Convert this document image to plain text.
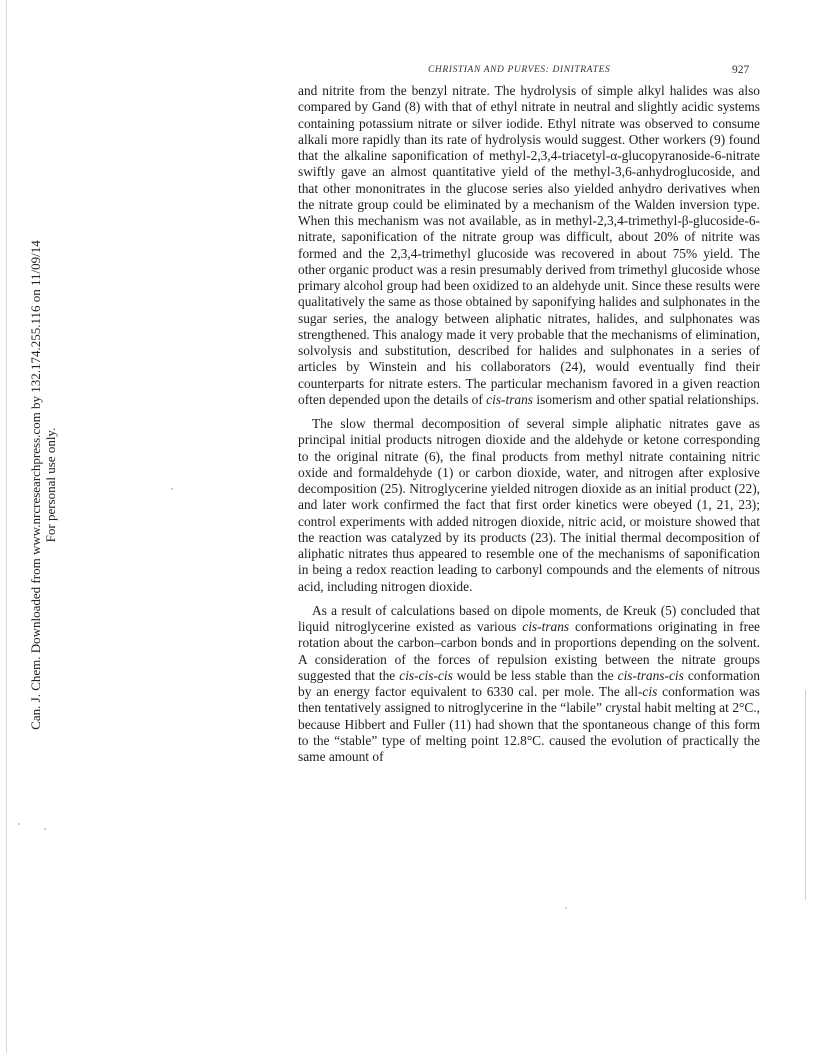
Can. J. Chem. Downloaded from www.nrcresearchpress.com by 132.174.255.116 on 11/09/14 For personal use only.
CHRISTIAN AND PURVES: DINITRATES	927

and nitrite from the benzyl nitrate. The hydrolysis of simple alkyl halides was also compared by Gand (8) with that of ethyl nitrate in neutral and slightly acidic systems containing potassium nitrate or silver iodide. Ethyl nitrate was observed to consume alkali more rapidly than its rate of hydrolysis would suggest. Other workers (9) found that the alkaline saponification of methyl-2,3,4-triacetyl-α-glucopyranoside-6-nitrate swiftly gave an almost quantitative yield of the methyl-3,6-anhydroglucoside, and that other mononitrates in the glucose series also yielded anhydro derivatives when the nitrate group could be eliminated by a mechanism of the Walden inversion type. When this mechanism was not available, as in methyl-2,3,4-trimethyl-β-glucoside-6-nitrate, saponification of the nitrate group was difficult, about 20% of nitrite was formed and the 2,3,4-trimethyl glucoside was recovered in about 75% yield. The other organic product was a resin presumably derived from trimethyl glucoside whose primary alcohol group had been oxidized to an aldehyde unit. Since these results were qualitatively the same as those obtained by saponifying halides and sulphonates in the sugar series, the analogy between aliphatic nitrates, halides, and sulphonates was strengthened. This analogy made it very probable that the mechanisms of elimination, solvolysis and substitution, described for halides and sulphonates in a series of articles by Winstein and his collaborators (24), would eventually find their counterparts for nitrate esters. The particular mechanism favored in a given reaction often depended upon the details of cis-trans isomerism and other spatial relationships.

The slow thermal decomposition of several simple aliphatic nitrates gave as principal initial products nitrogen dioxide and the aldehyde or ketone corresponding to the original nitrate (6), the final products from methyl nitrate containing nitric oxide and formaldehyde (1) or carbon dioxide, water, and nitrogen after explosive decomposition (25). Nitroglycerine yielded nitrogen dioxide as an initial product (22), and later work confirmed the fact that first order kinetics were obeyed (1, 21, 23); control experiments with added nitrogen dioxide, nitric acid, or moisture showed that the reaction was catalyzed by its products (23). The initial thermal decomposition of aliphatic nitrates thus appeared to resemble one of the mechanisms of saponification in being a redox reaction leading to carbonyl compounds and the elements of nitrous acid, including nitrogen dioxide.

As a result of calculations based on dipole moments, de Kreuk (5) concluded that liquid nitroglycerine existed as various cis-trans conformations originating in free rotation about the carbon–carbon bonds and in proportions depending on the solvent. A consideration of the forces of repulsion existing between the nitrate groups suggested that the cis-cis-cis would be less stable than the cis-trans-cis conformation by an energy factor equivalent to 6330 cal. per mole. The all-cis conformation was then tentatively assigned to nitroglycerine in the “labile” crystal habit melting at 2°C., because Hibbert and Fuller (11) had shown that the spontaneous change of this form to the “stable” type of melting point 12.8°C. caused the evolution of practically the same amount of
